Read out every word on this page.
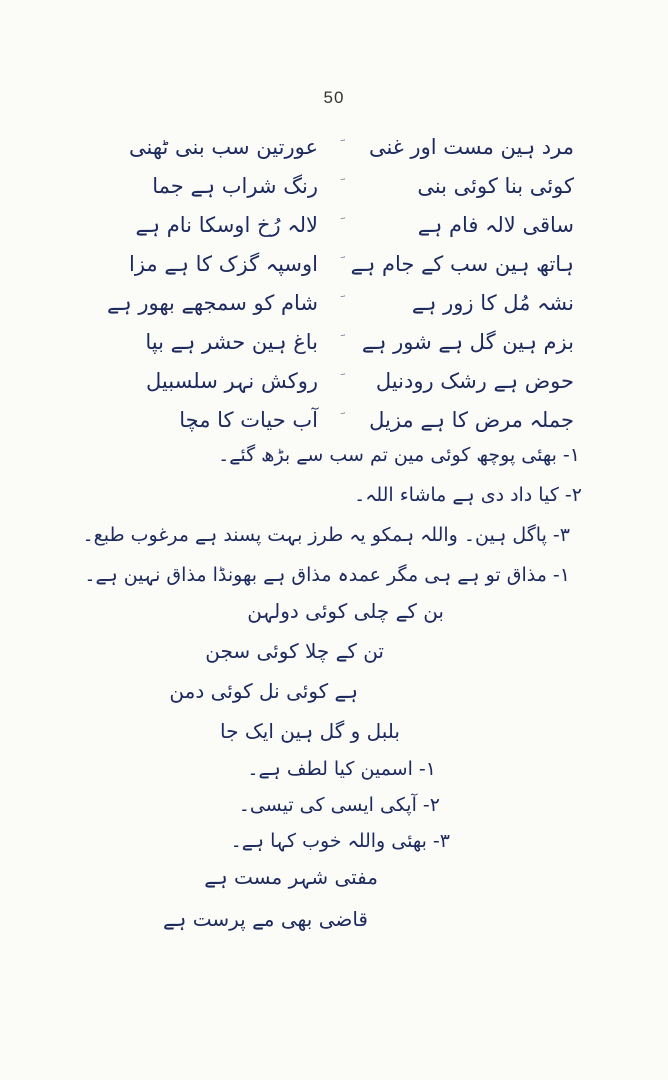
50
مرد ہین مست اور غنی
عورتین سب بنی ٹھنی
کوئی بنا کوئی بنی
رنگ شراب ہے جما
ساقی لالہ فام ہے
لالہ رُخ اوسکا نام ہے
ہاتھ ہین سب کے جام ہے
اوسپہ گزک کا ہے مزا
نشہ مُل کا زور ہے
شام کو سمجھے بھور ہے
بزم ہین گل ہے شور ہے
باغ ہین حشر ہے بپا
حوض ہے رشک رودنیل
روکش نہر سلسبیل
جملہ مرض کا ہے مزیل
آب حیات کا مچا
۱- بھئی پوچھ کوئی مین تم سب سے بڑھ گئے۔
۲- کیا داد دی ہے ماشاء اللہ۔
۳- پاگل ہین۔ واللہ ہمکو یہ طرز بہت پسند ہے مرغوب طبع۔
۱- مذاق تو ہے ہی مگر عمدہ مذاق ہے بھونڈا مذاق نہین ہے۔
بن کے چلی کوئی دولہن
تن کے چلا کوئی سجن
ہے کوئی نل کوئی دمن
بلبل و گل ہین ایک جا
۱- اسمین کیا لطف ہے۔
۲- آپکی ایسی کی تیسی۔
۳- بھئی واللہ خوب کہا ہے۔
مفتی شہر مست ہے
قاضی بھی مے پرست ہے
